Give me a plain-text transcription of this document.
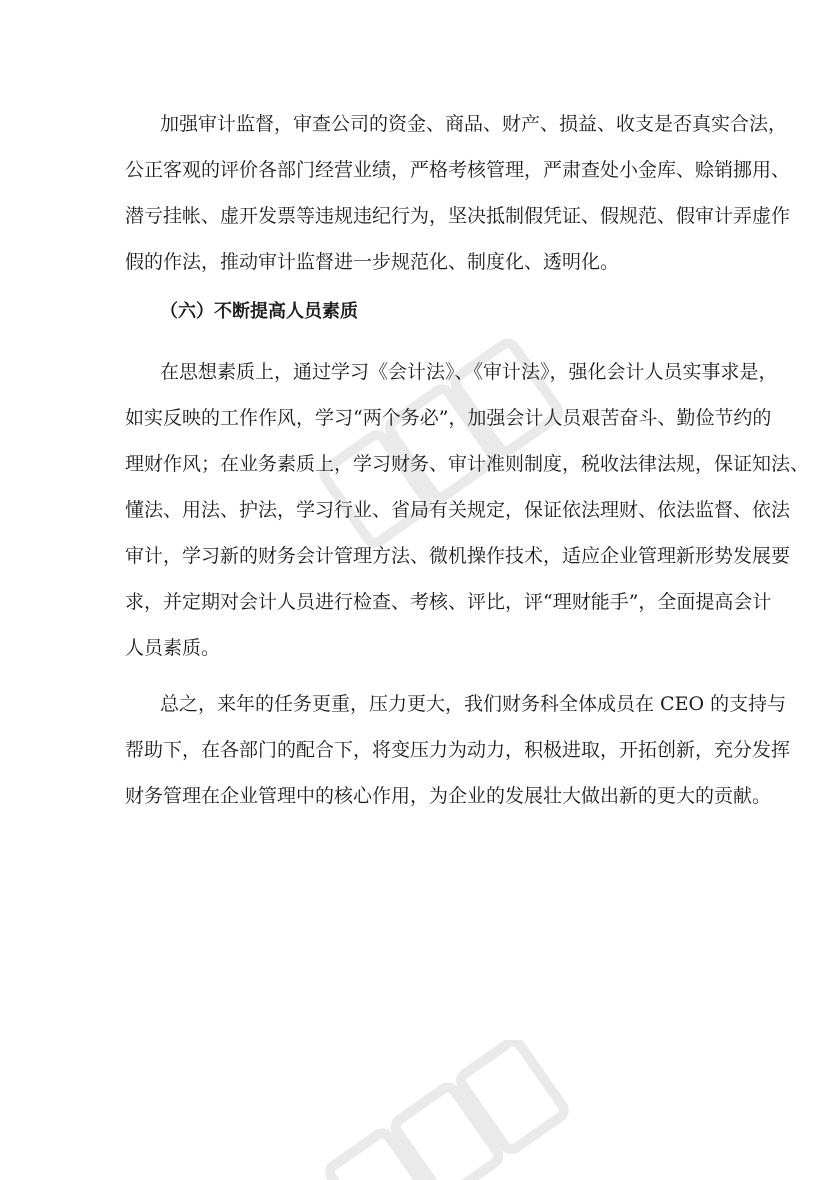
加强审计监督，审查公司的资金、商品、财产、损益、收支是否真实合法，
公正客观的评价各部门经营业绩，严格考核管理，严肃查处小金库、赊销挪用、
潜亏挂帐、虚开发票等违规违纪行为，坚决抵制假凭证、假规范、假审计弄虚作
假的作法，推动审计监督进一步规范化、制度化、透明化。
（六）不断提高人员素质
在思想素质上，通过学习《会计法》、《审计法》，强化会计人员实事求是，
如实反映的工作作风，学习“两个务必”，加强会计人员艰苦奋斗、勤俭节约的
理财作风；在业务素质上，学习财务、审计准则制度，税收法律法规，保证知法、
懂法、用法、护法，学习行业、省局有关规定，保证依法理财、依法监督、依法
审计，学习新的财务会计管理方法、微机操作技术，适应企业管理新形势发展要
求，并定期对会计人员进行检查、考核、评比，评“理财能手”，全面提高会计
人员素质。
总之，来年的任务更重，压力更大，我们财务科全体成员在 CEO 的支持与
帮助下，在各部门的配合下，将变压力为动力，积极进取，开拓创新，充分发挥
财务管理在企业管理中的核心作用，为企业的发展壮大做出新的更大的贡献。
